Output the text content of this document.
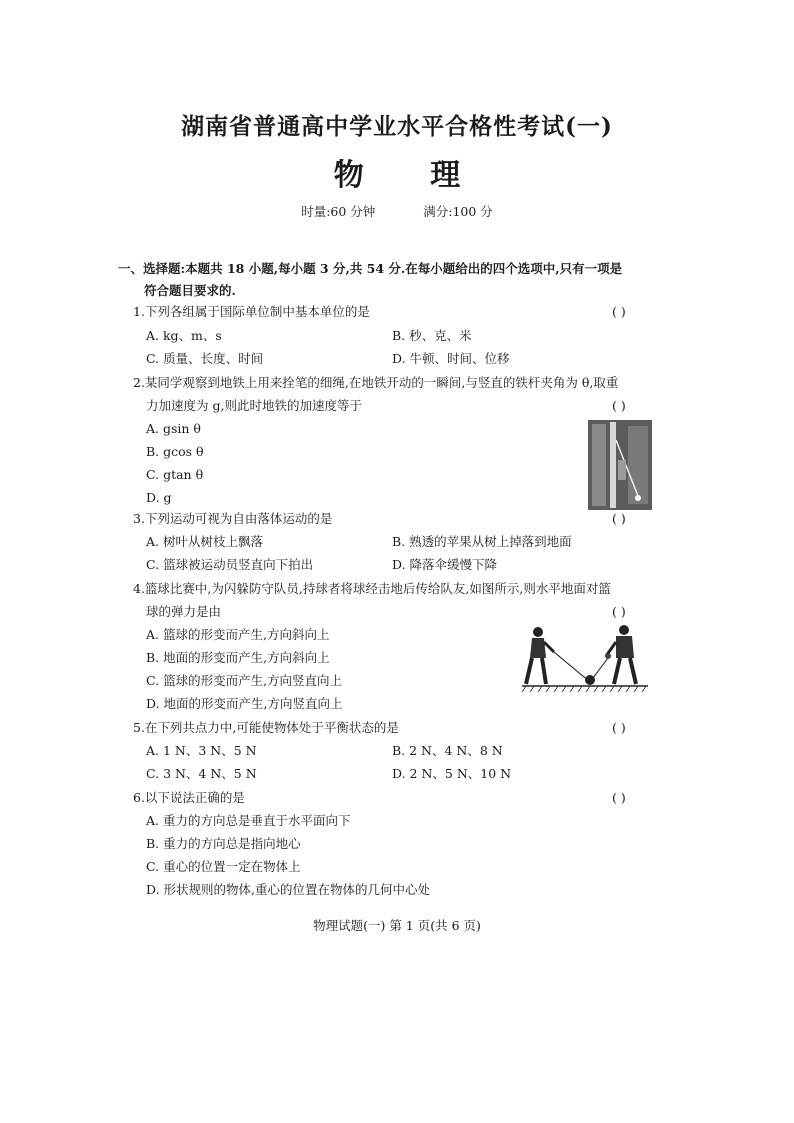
湖南省普通高中学业水平合格性考试(一)
物 理
时量:60 分钟	满分:100 分
一、选择题:本题共 18 小题,每小题 3 分,共 54 分.在每小题给出的四个选项中,只有一项是
符合题目要求的.
1.下列各组属于国际单位制中基本单位的是	( )
A. kg、m、s	B. 秒、克、米
C. 质量、长度、时间	D. 牛顿、时间、位移
2.某同学观察到地铁上用来拴笔的细绳,在地铁开动的一瞬间,与竖直的铁杆夹角为 θ,取重
力加速度为 g,则此时地铁的加速度等于	( )
A. gsin θ
B. gcos θ
C. gtan θ
D. g
3.下列运动可视为自由落体运动的是	( )
A. 树叶从树枝上飘落	B. 熟透的苹果从树上掉落到地面
C. 篮球被运动员竖直向下拍出	D. 降落伞缓慢下降
4.篮球比赛中,为闪躲防守队员,持球者将球经击地后传给队友,如图所示,则水平地面对篮
球的弹力是由	( )
A. 篮球的形变而产生,方向斜向上
B. 地面的形变而产生,方向斜向上
C. 篮球的形变而产生,方向竖直向上
D. 地面的形变而产生,方向竖直向上
5.在下列共点力中,可能使物体处于平衡状态的是	( )
A. 1 N、3 N、5 N	B. 2 N、4 N、8 N
C. 3 N、4 N、5 N	D. 2 N、5 N、10 N
6.以下说法正确的是	( )
A. 重力的方向总是垂直于水平面向下
B. 重力的方向总是指向地心
C. 重心的位置一定在物体上
D. 形状规则的物体,重心的位置在物体的几何中心处
物理试题(一) 第 1 页(共 6 页)
